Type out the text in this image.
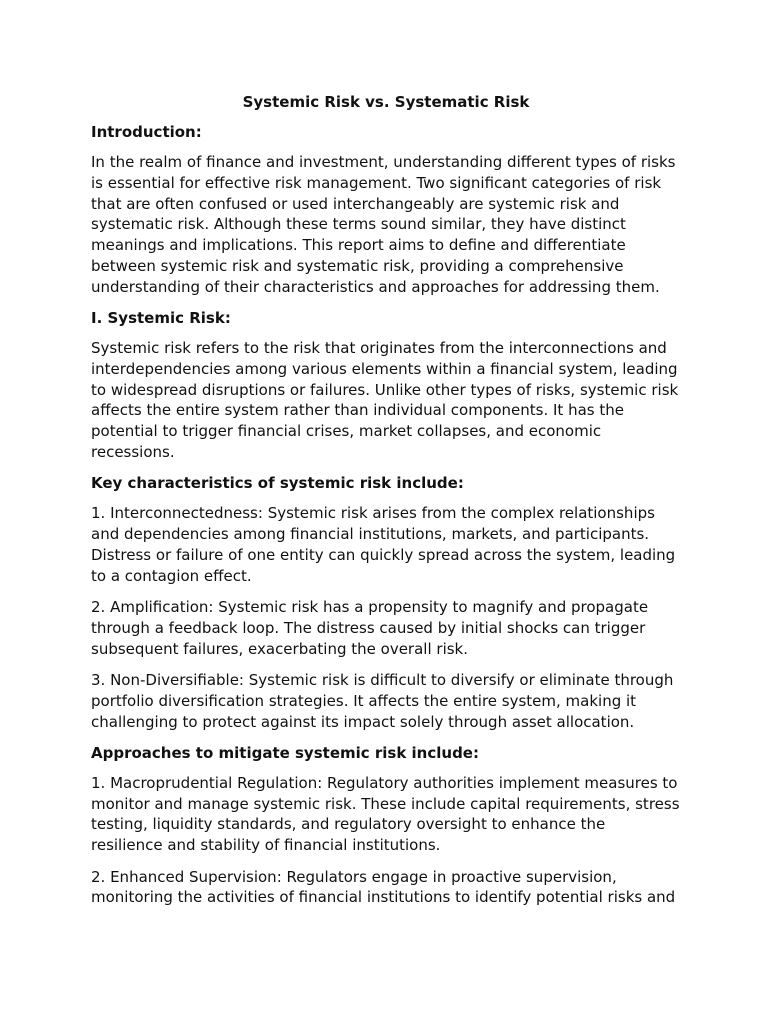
Systemic Risk vs. Systematic Risk
Introduction:
In the realm of finance and investment, understanding different types of risks is essential for effective risk management. Two significant categories of risk that are often confused or used interchangeably are systemic risk and systematic risk. Although these terms sound similar, they have distinct meanings and implications. This report aims to define and differentiate between systemic risk and systematic risk, providing a comprehensive understanding of their characteristics and approaches for addressing them.
I. Systemic Risk:
Systemic risk refers to the risk that originates from the interconnections and interdependencies among various elements within a financial system, leading to widespread disruptions or failures. Unlike other types of risks, systemic risk affects the entire system rather than individual components. It has the potential to trigger financial crises, market collapses, and economic recessions.
Key characteristics of systemic risk include:
1. Interconnectedness: Systemic risk arises from the complex relationships and dependencies among financial institutions, markets, and participants. Distress or failure of one entity can quickly spread across the system, leading to a contagion effect.
2. Amplification: Systemic risk has a propensity to magnify and propagate through a feedback loop. The distress caused by initial shocks can trigger subsequent failures, exacerbating the overall risk.
3. Non-Diversifiable: Systemic risk is difficult to diversify or eliminate through portfolio diversification strategies. It affects the entire system, making it challenging to protect against its impact solely through asset allocation.
Approaches to mitigate systemic risk include:
1. Macroprudential Regulation: Regulatory authorities implement measures to monitor and manage systemic risk. These include capital requirements, stress testing, liquidity standards, and regulatory oversight to enhance the resilience and stability of financial institutions.
2. Enhanced Supervision: Regulators engage in proactive supervision, monitoring the activities of financial institutions to identify potential risks and
